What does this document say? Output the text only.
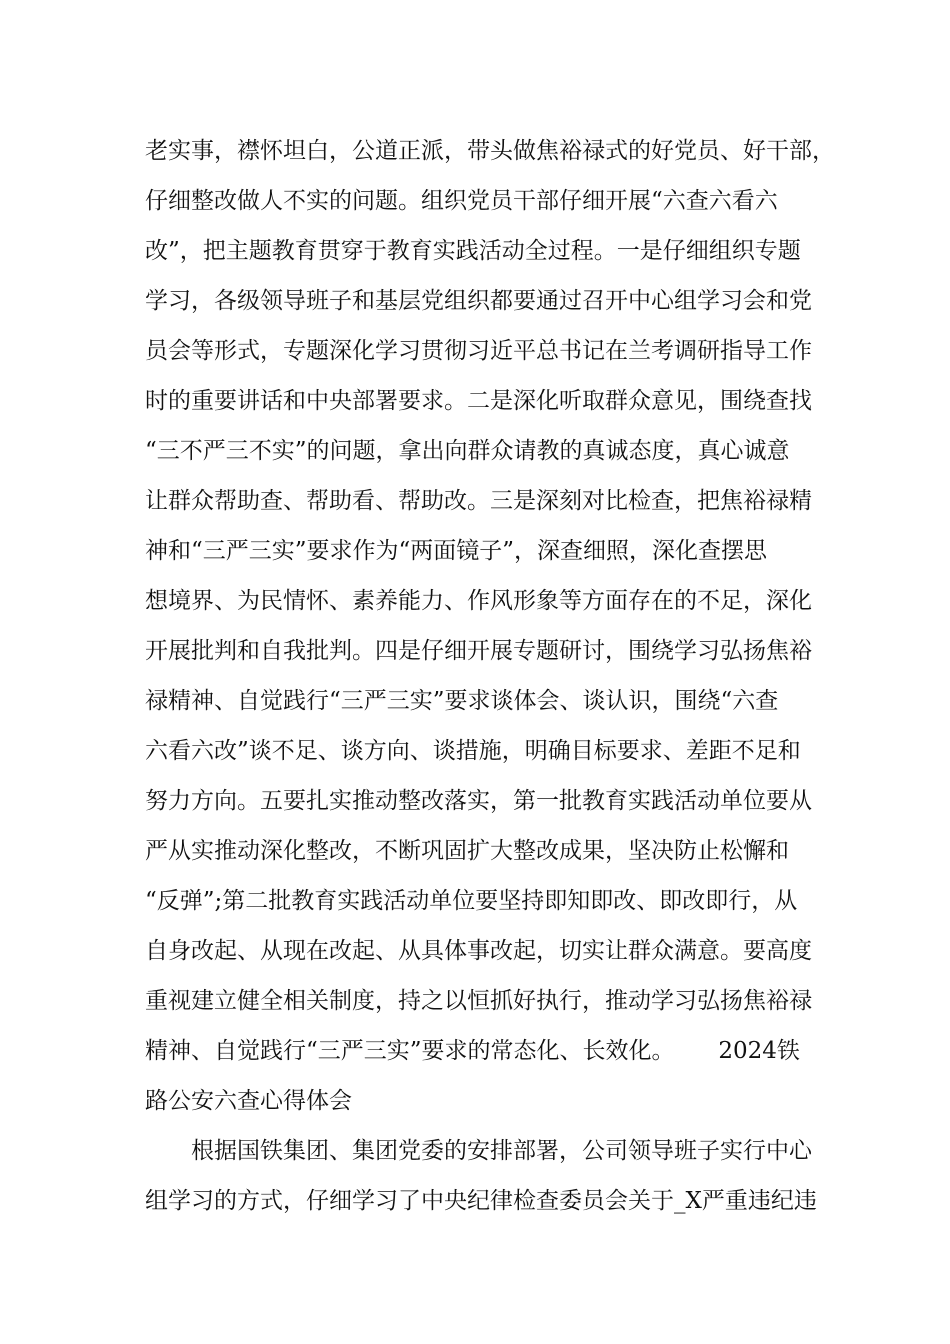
老实事，襟怀坦白，公道正派，带头做焦裕禄式的好党员、好干部，
仔细整改做人不实的问题。组织党员干部仔细开展“六查六看六
改”，把主题教育贯穿于教育实践活动全过程。一是仔细组织专题
学习，各级领导班子和基层党组织都要通过召开中心组学习会和党
员会等形式，专题深化学习贯彻习近平总书记在兰考调研指导工作
时的重要讲话和中央部署要求。二是深化听取群众意见，围绕查找
“三不严三不实”的问题，拿出向群众请教的真诚态度，真心诚意
让群众帮助查、帮助看、帮助改。三是深刻对比检查，把焦裕禄精
神和“三严三实”要求作为“两面镜子”，深查细照，深化查摆思
想境界、为民情怀、素养能力、作风形象等方面存在的不足，深化
开展批判和自我批判。四是仔细开展专题研讨，围绕学习弘扬焦裕
禄精神、自觉践行“三严三实”要求谈体会、谈认识，围绕“六查
六看六改”谈不足、谈方向、谈措施，明确目标要求、差距不足和
努力方向。五要扎实推动整改落实，第一批教育实践活动单位要从
严从实推动深化整改，不断巩固扩大整改成果，坚决防止松懈和
“反弹”;第二批教育实践活动单位要坚持即知即改、即改即行，从
自身改起、从现在改起、从具体事改起，切实让群众满意。要高度
重视建立健全相关制度，持之以恒抓好执行，推动学习弘扬焦裕禄
精神、自觉践行“三严三实”要求的常态化、长效化。      2024铁
路公安六查心得体会
根据国铁集团、集团党委的安排部署，公司领导班子实行中心
组学习的方式，仔细学习了中央纪律检查委员会关于_X严重违纪违
